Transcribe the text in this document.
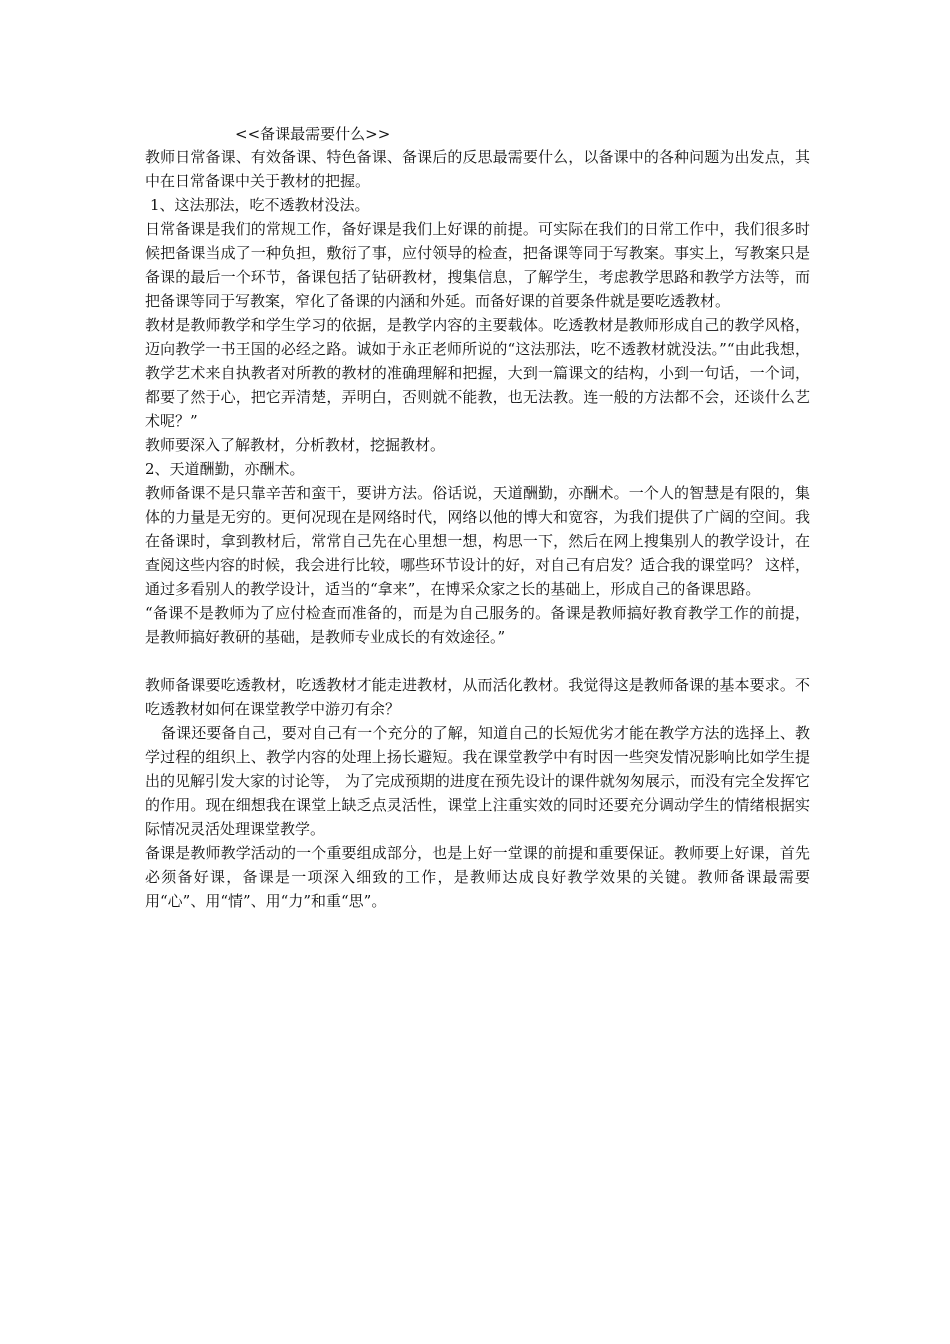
<<备课最需要什么>>

教师日常备课、有效备课、特色备课、备课后的反思最需要什么，以备课中的各种问题为出发点，其中在日常备课中关于教材的把握。

1、这法那法，吃不透教材没法。

日常备课是我们的常规工作，备好课是我们上好课的前提。可实际在我们的日常工作中，我们很多时候把备课当成了一种负担，敷衍了事，应付领导的检查，把备课等同于写教案。事实上，写教案只是备课的最后一个环节，备课包括了钻研教材，搜集信息，了解学生，考虑教学思路和教学方法等，而把备课等同于写教案，窄化了备课的内涵和外延。而备好课的首要条件就是要吃透教材。

教材是教师教学和学生学习的依据，是教学内容的主要载体。吃透教材是教师形成自己的教学风格，迈向教学一书王国的必经之路。诚如于永正老师所说的“这法那法，吃不透教材就没法。”“由此我想，教学艺术来自执教者对所教的教材的准确理解和把握，大到一篇课文的结构，小到一句话，一个词，都要了然于心，把它弄清楚，弄明白，否则就不能教，也无法教。连一般的方法都不会，还谈什么艺术呢？”

教师要深入了解教材，分析教材，挖掘教材。

2、天道酬勤，亦酬术。

教师备课不是只靠辛苦和蛮干，要讲方法。俗话说，天道酬勤，亦酬术。一个人的智慧是有限的，集体的力量是无穷的。更何况现在是网络时代，网络以他的博大和宽容，为我们提供了广阔的空间。我在备课时，拿到教材后，常常自己先在心里想一想，构思一下，然后在网上搜集别人的教学设计，在查阅这些内容的时候，我会进行比较，哪些环节设计的好，对自己有启发？适合我的课堂吗？ 这样，通过多看别人的教学设计，适当的“拿来”，在博采众家之长的基础上，形成自己的备课思路。

“备课不是教师为了应付检查而准备的，而是为自己服务的。备课是教师搞好教育教学工作的前提，是教师搞好教研的基础，是教师专业成长的有效途径。”

教师备课要吃透教材，吃透教材才能走进教材，从而活化教材。我觉得这是教师备课的基本要求。不吃透教材如何在课堂教学中游刃有余？

备课还要备自己，要对自己有一个充分的了解，知道自己的长短优劣才能在教学方法的选择上、教学过程的组织上、教学内容的处理上扬长避短。我在课堂教学中有时因一些突发情况影响比如学生提出的见解引发大家的讨论等， 为了完成预期的进度在预先设计的课件就匆匆展示，而没有完全发挥它的作用。现在细想我在课堂上缺乏点灵活性，课堂上注重实效的同时还要充分调动学生的情绪根据实际情况灵活处理课堂教学。

备课是教师教学活动的一个重要组成部分，也是上好一堂课的前提和重要保证。教师要上好课，首先必须备好课，备课是一项深入细致的工作，是教师达成良好教学效果的关键。教师备课最需要用“心”、用“情”、用“力”和重“思”。
